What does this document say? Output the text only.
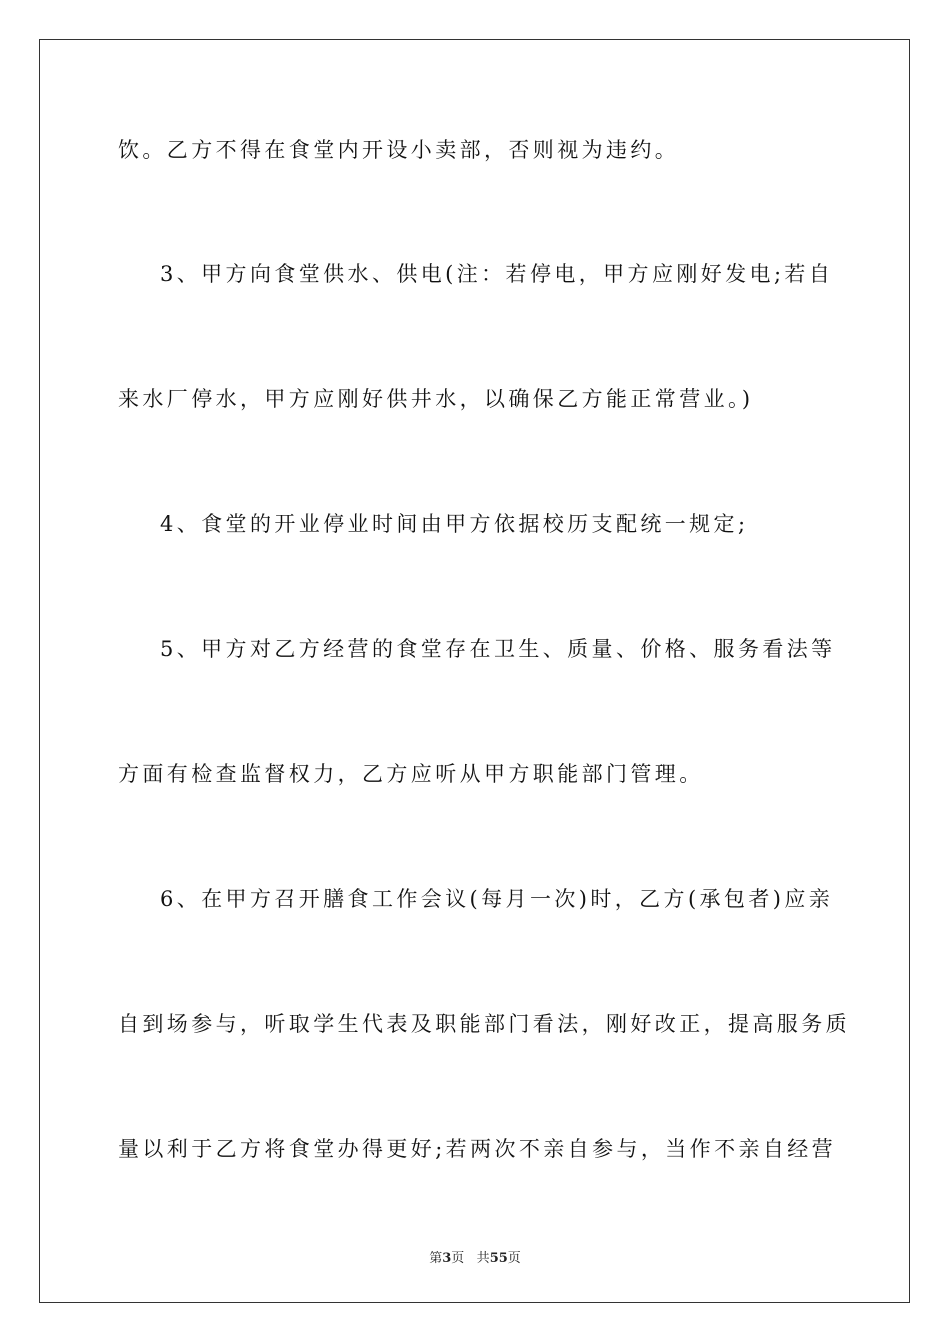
饮。乙方不得在食堂内开设小卖部，否则视为违约。
3、甲方向食堂供水、供电(注：若停电，甲方应刚好发电;若自
来水厂停水，甲方应刚好供井水，以确保乙方能正常营业。)
4、食堂的开业停业时间由甲方依据校历支配统一规定;
5、甲方对乙方经营的食堂存在卫生、质量、价格、服务看法等
方面有检查监督权力，乙方应听从甲方职能部门管理。
6、在甲方召开膳食工作会议(每月一次)时，乙方(承包者)应亲
自到场参与，听取学生代表及职能部门看法，刚好改正，提高服务质
量以利于乙方将食堂办得更好;若两次不亲自参与，当作不亲自经营
第3页 共55页
